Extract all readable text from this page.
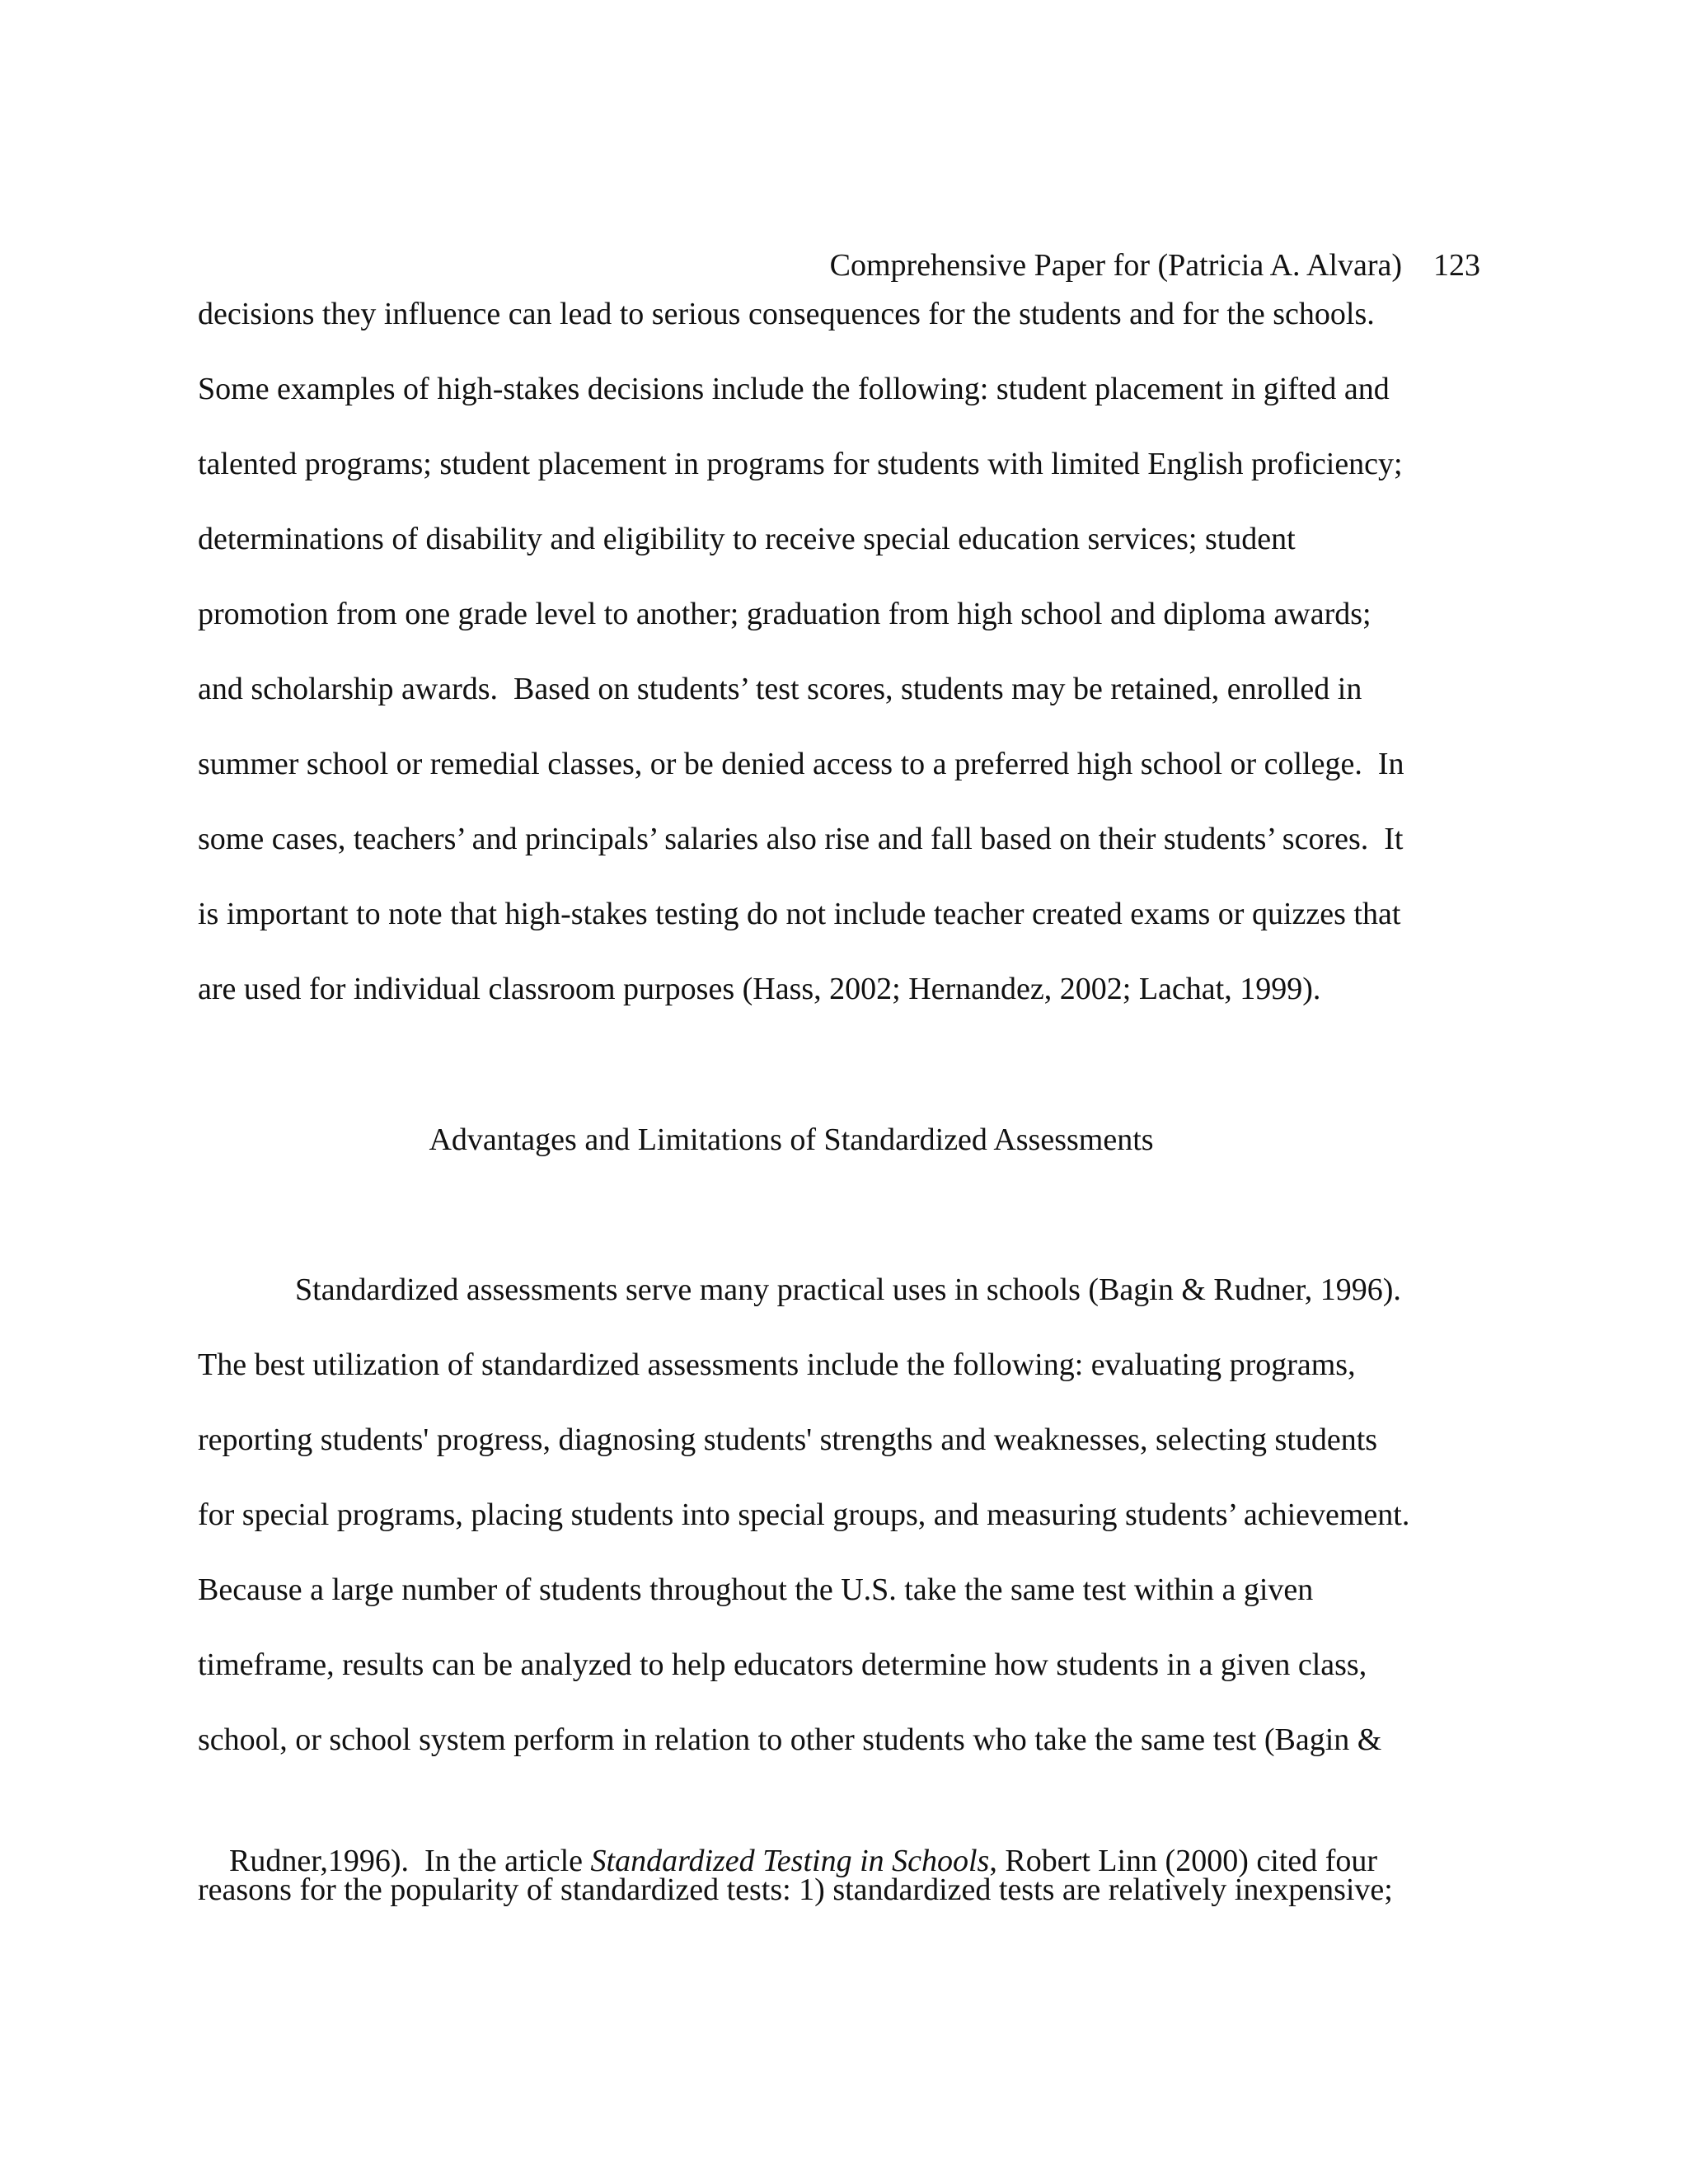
Comprehensive Paper for (Patricia A. Alvara) 123

decisions they influence can lead to serious consequences for the students and for the schools.
Some examples of high-stakes decisions include the following: student placement in gifted and
talented programs; student placement in programs for students with limited English proficiency;
determinations of disability and eligibility to receive special education services; student
promotion from one grade level to another; graduation from high school and diploma awards;
and scholarship awards.  Based on students’ test scores, students may be retained, enrolled in
summer school or remedial classes, or be denied access to a preferred high school or college.  In
some cases, teachers’ and principals’ salaries also rise and fall based on their students’ scores.  It
is important to note that high-stakes testing do not include teacher created exams or quizzes that
are used for individual classroom purposes (Hass, 2002; Hernandez, 2002; Lachat, 1999).
Advantages and Limitations of Standardized Assessments
Standardized assessments serve many practical uses in schools (Bagin & Rudner, 1996).
The best utilization of standardized assessments include the following: evaluating programs,
reporting students' progress, diagnosing students' strengths and weaknesses, selecting students
for special programs, placing students into special groups, and measuring students’ achievement.
Because a large number of students throughout the U.S. take the same test within a given
timeframe, results can be analyzed to help educators determine how students in a given class,
school, or school system perform in relation to other students who take the same test (Bagin &

Rudner,1996).  In the article Standardized Testing in Schools, Robert Linn (2000) cited four

reasons for the popularity of standardized tests: 1) standardized tests are relatively inexpensive;
